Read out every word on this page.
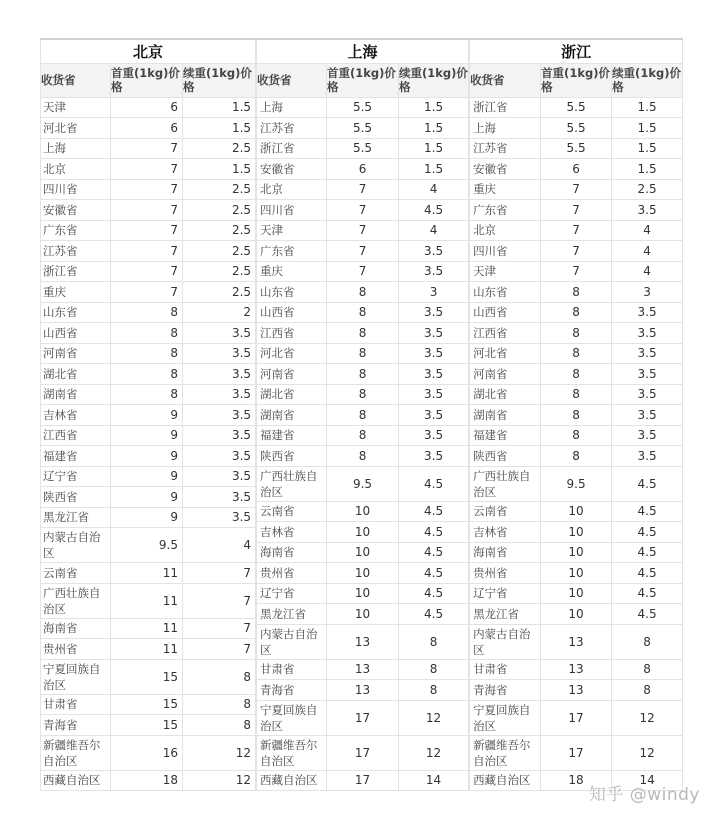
北京		
收货省	首重(1kg)价格	续重(1kg)价格
天津	6	1.5
河北省	6	1.5
上海	7	2.5
北京	7	1.5
四川省	7	2.5
安徽省	7	2.5
广东省	7	2.5
江苏省	7	2.5
浙江省	7	2.5
重庆	7	2.5
山东省	8	2
山西省	8	3.5
河南省	8	3.5
湖北省	8	3.5
湖南省	8	3.5
吉林省	9	3.5
江西省	9	3.5
福建省	9	3.5
辽宁省	9	3.5
陕西省	9	3.5
黑龙江省	9	3.5
内蒙古自治区	9.5	4
云南省	11	7
广西壮族自治区	11	7
海南省	11	7
贵州省	11	7
宁夏回族自治区	15	8
甘肃省	15	8
青海省	15	8
新疆维吾尔自治区	16	12
西藏自治区	18	12
上海		
收货省	首重(1kg)价格	续重(1kg)价格
上海	5.5	1.5
江苏省	5.5	1.5
浙江省	5.5	1.5
安徽省	6	1.5
北京	7	4
四川省	7	4.5
天津	7	4
广东省	7	3.5
重庆	7	3.5
山东省	8	3
山西省	8	3.5
江西省	8	3.5
河北省	8	3.5
河南省	8	3.5
湖北省	8	3.5
湖南省	8	3.5
福建省	8	3.5
陕西省	8	3.5
广西壮族自治区	9.5	4.5
云南省	10	4.5
吉林省	10	4.5
海南省	10	4.5
贵州省	10	4.5
辽宁省	10	4.5
黑龙江省	10	4.5
内蒙古自治区	13	8
甘肃省	13	8
青海省	13	8
宁夏回族自治区	17	12
新疆维吾尔自治区	17	12
西藏自治区	17	14
浙江		
收货省	首重(1kg)价格	续重(1kg)价格
浙江省	5.5	1.5
上海	5.5	1.5
江苏省	5.5	1.5
安徽省	6	1.5
重庆	7	2.5
广东省	7	3.5
北京	7	4
四川省	7	4
天津	7	4
山东省	8	3
山西省	8	3.5
江西省	8	3.5
河北省	8	3.5
河南省	8	3.5
湖北省	8	3.5
湖南省	8	3.5
福建省	8	3.5
陕西省	8	3.5
广西壮族自治区	9.5	4.5
云南省	10	4.5
吉林省	10	4.5
海南省	10	4.5
贵州省	10	4.5
辽宁省	10	4.5
黑龙江省	10	4.5
内蒙古自治区	13	8
甘肃省	13	8
青海省	13	8
宁夏回族自治区	17	12
新疆维吾尔自治区	17	12
西藏自治区	18	14
知乎 @windy
